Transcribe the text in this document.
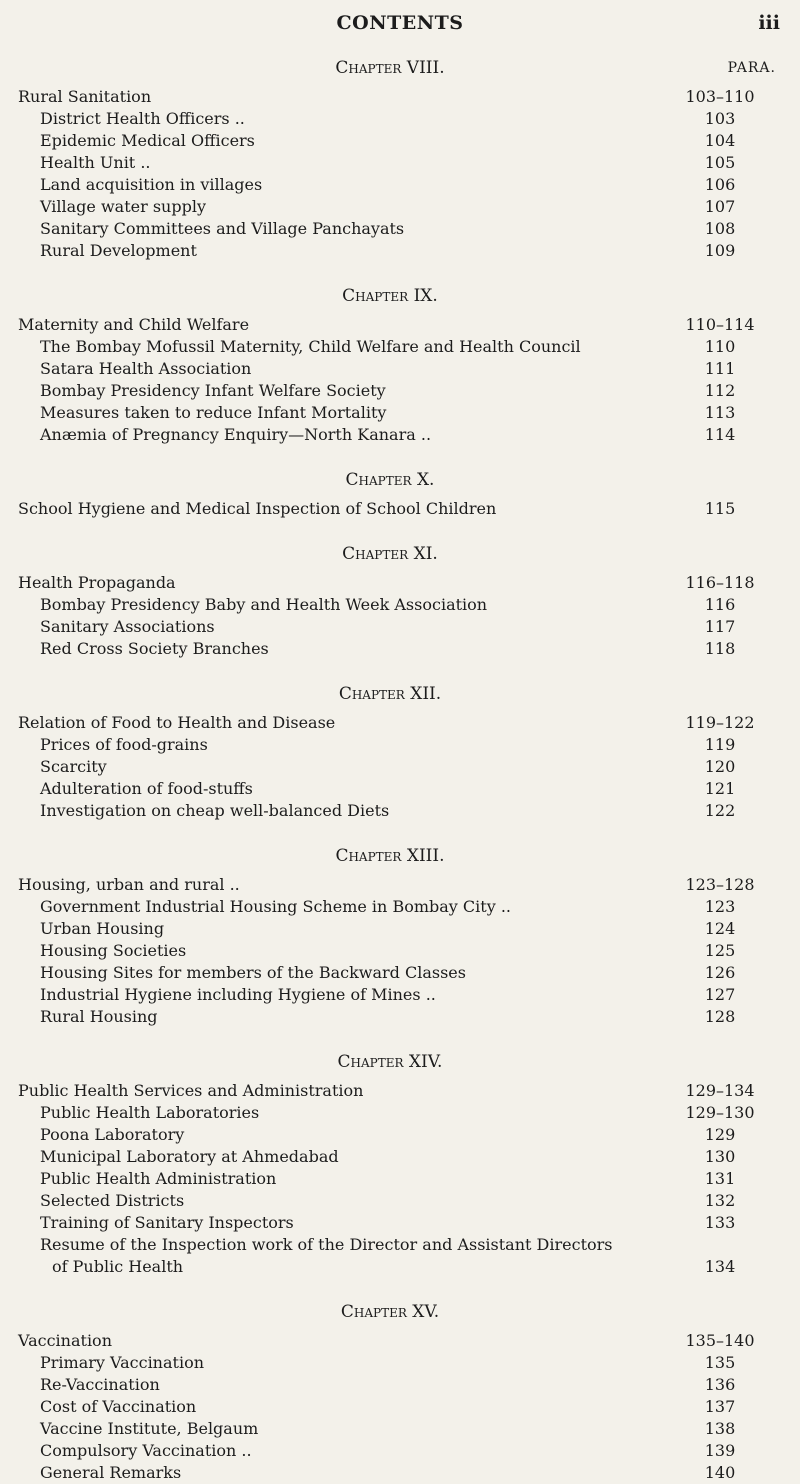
CONTENTS	iii
Chapter VIII.	PARA.
Rural Sanitation	103–110
District Health Officers ..	103
Epidemic Medical Officers	104
Health Unit ..	105
Land acquisition in villages	106
Village water supply	107
Sanitary Committees and Village Panchayats	108
Rural Development	109
Chapter IX.
Maternity and Child Welfare	110–114
The Bombay Mofussil Maternity, Child Welfare and Health Council	110
Satara Health Association	111
Bombay Presidency Infant Welfare Society	112
Measures taken to reduce Infant Mortality	113
Anæmia of Pregnancy Enquiry—North Kanara ..	114
Chapter X.
School Hygiene and Medical Inspection of School Children	115
Chapter XI.
Health Propaganda	116–118
Bombay Presidency Baby and Health Week Association	116
Sanitary Associations	117
Red Cross Society Branches	118
Chapter XII.
Relation of Food to Health and Disease	119–122
Prices of food-grains	119
Scarcity	120
Adulteration of food-stuffs	121
Investigation on cheap well-balanced Diets	122
Chapter XIII.
Housing, urban and rural ..	123–128
Government Industrial Housing Scheme in Bombay City ..	123
Urban Housing	124
Housing Societies	125
Housing Sites for members of the Backward Classes	126
Industrial Hygiene including Hygiene of Mines ..	127
Rural Housing	128
Chapter XIV.
Public Health Services and Administration	129–134
Public Health Laboratories	129–130
Poona Laboratory	129
Municipal Laboratory at Ahmedabad	130
Public Health Administration	131
Selected Districts	132
Training of Sanitary Inspectors	133
Resume of the Inspection work of the Director and Assistant Directors
of Public Health	134
Chapter XV.
Vaccination	135–140
Primary Vaccination	135
Re-Vaccination	136
Cost of Vaccination	137
Vaccine Institute, Belgaum	138
Compulsory Vaccination ..	139
General Remarks	140
